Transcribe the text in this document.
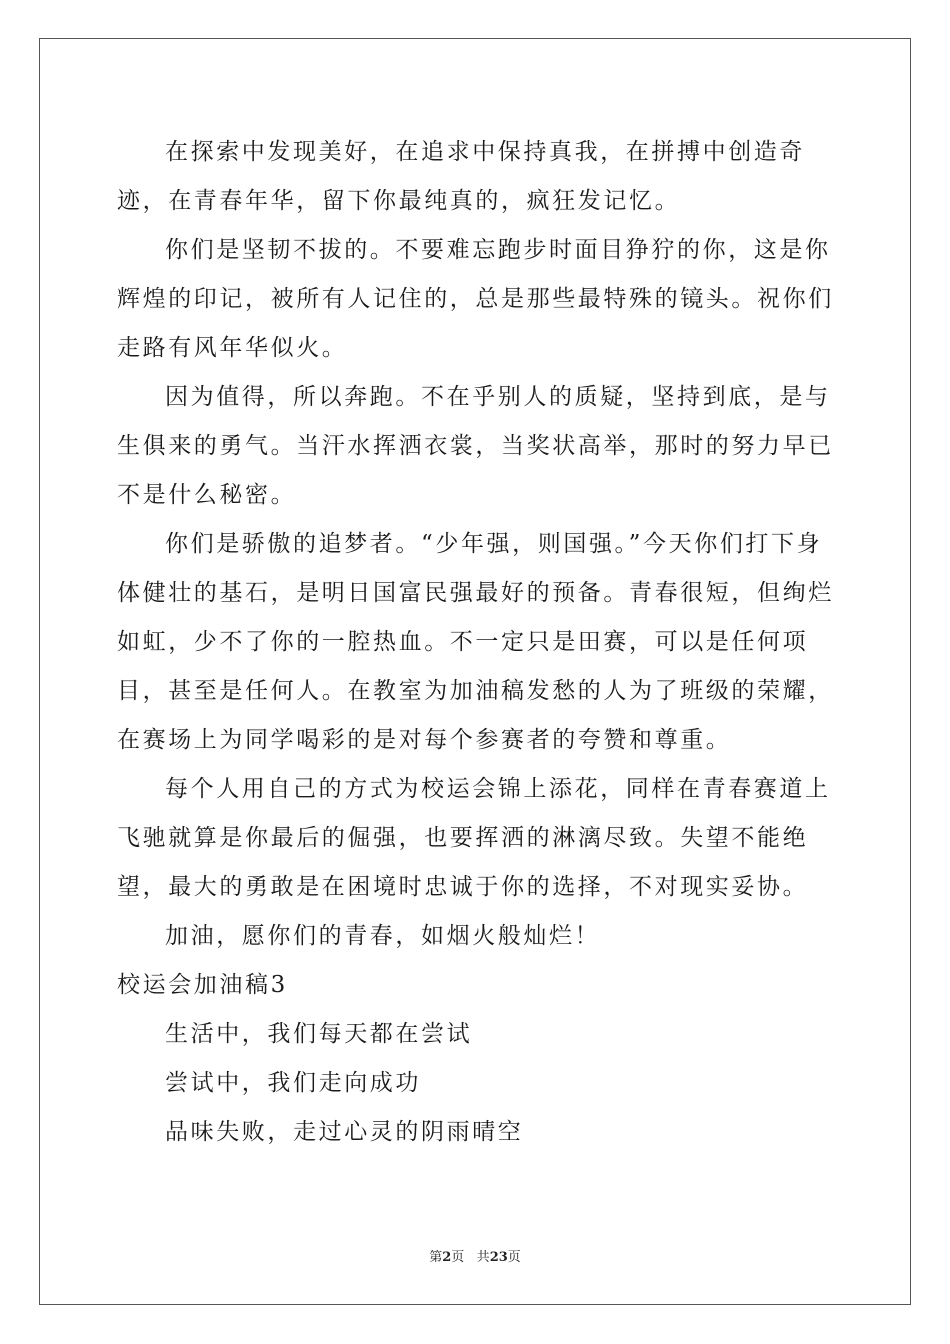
在探索中发现美好，在追求中保持真我，在拼搏中创造奇迹，在青春年华，留下你最纯真的，疯狂发记忆。

你们是坚韧不拔的。不要难忘跑步时面目狰狞的你，这是你辉煌的印记，被所有人记住的，总是那些最特殊的镜头。祝你们走路有风年华似火。

因为值得，所以奔跑。不在乎别人的质疑，坚持到底，是与生俱来的勇气。当汗水挥洒衣裳，当奖状高举，那时的努力早已不是什么秘密。

你们是骄傲的追梦者。“少年强，则国强。”今天你们打下身体健壮的基石，是明日国富民强最好的预备。青春很短，但绚烂如虹，少不了你的一腔热血。不一定只是田赛，可以是任何项目，甚至是任何人。在教室为加油稿发愁的人为了班级的荣耀，在赛场上为同学喝彩的是对每个参赛者的夸赞和尊重。

每个人用自己的方式为校运会锦上添花，同样在青春赛道上飞驰就算是你最后的倔强，也要挥洒的淋漓尽致。失望不能绝望，最大的勇敢是在困境时忠诚于你的选择，不对现实妥协。

加油，愿你们的青春，如烟火般灿烂！

校运会加油稿3

生活中，我们每天都在尝试

尝试中，我们走向成功

品味失败，走过心灵的阴雨晴空

第2页 共23页
